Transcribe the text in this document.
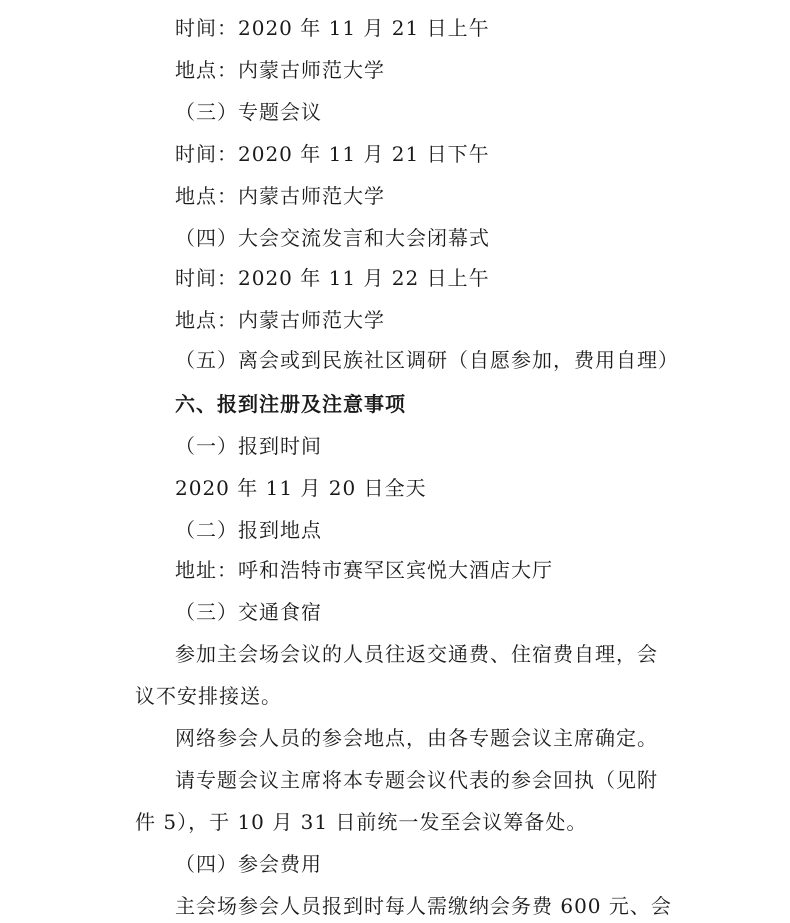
时间：2020 年 11 月 21 日上午
地点：内蒙古师范大学
（三）专题会议
时间：2020 年 11 月 21 日下午
地点：内蒙古师范大学
（四）大会交流发言和大会闭幕式
时间：2020 年 11 月 22 日上午
地点：内蒙古师范大学
（五）离会或到民族社区调研（自愿参加，费用自理）
六、报到注册及注意事项
（一）报到时间
2020 年 11 月 20 日全天
（二）报到地点
地址：呼和浩特市赛罕区宾悦大酒店大厅
（三）交通食宿
参加主会场会议的人员往返交通费、住宿费自理，会
议不安排接送。
网络参会人员的参会地点，由各专题会议主席确定。
请专题会议主席将本专题会议代表的参会回执（见附
件 5），于 10 月 31 日前统一发至会议筹备处。
（四）参会费用
主会场参会人员报到时每人需缴纳会务费 600 元、会
